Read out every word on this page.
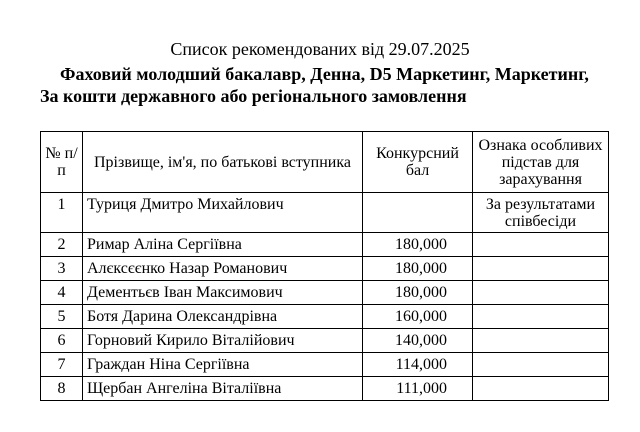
Список рекомендованих від 29.07.2025
Фаховий молодший бакалавр, Денна, D5 Маркетинг, Маркетинг, За кошти державного або регіонального замовлення
№ п/п	Прізвище, ім'я, по батькові вступника	Конкурсний бал	Ознака особливих підстав для зарахування
1	Туриця Дмитро Михайлович		За результатами співбесіди
2	Римар Аліна Сергіївна	180,000	
3	Алєксєєнко Назар Романович	180,000	
4	Дементьєв Іван Максимович	180,000	
5	Ботя Дарина Олександрівна	160,000	
6	Горновий Кирило Віталійович	140,000	
7	Граждан Ніна Сергіївна	114,000	
8	Щербан Ангеліна Віталіївна	111,000	
